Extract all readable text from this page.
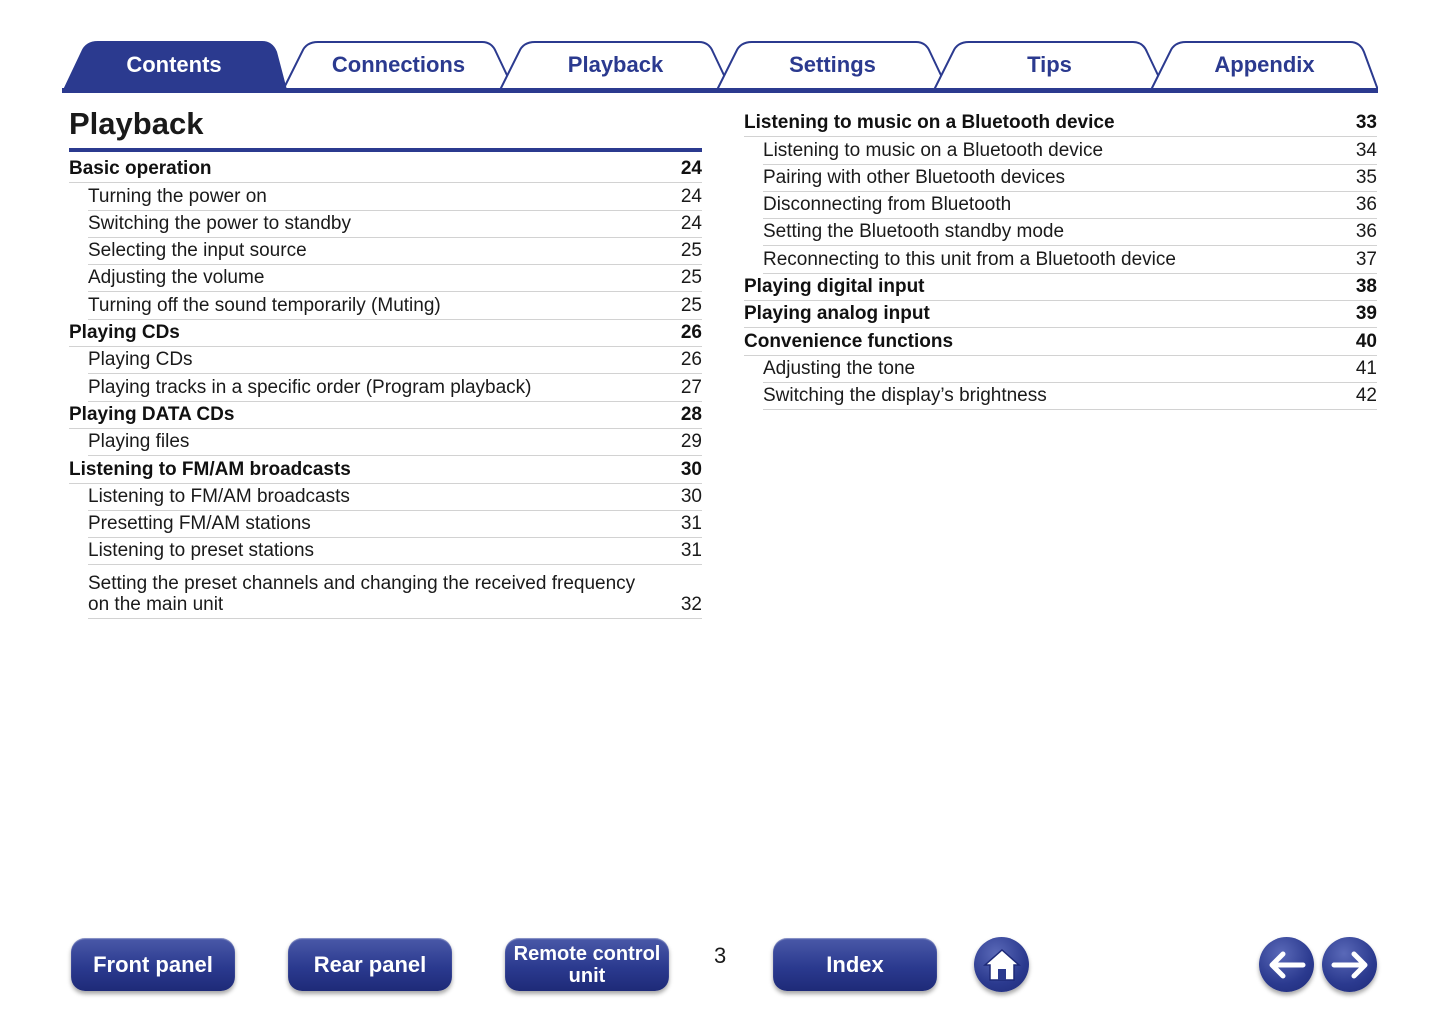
Contents	Connections	Playback	Settings	Tips	Appendix
Playback
Basic operation	24
Turning the power on	24
Switching the power to standby	24
Selecting the input source	25
Adjusting the volume	25
Turning off the sound temporarily (Muting)	25
Playing CDs	26
Playing CDs	26
Playing tracks in a specific order (Program playback)	27
Playing DATA CDs	28
Playing files	29
Listening to FM/AM broadcasts	30
Listening to FM/AM broadcasts	30
Presetting FM/AM stations	31
Listening to preset stations	31
Setting the preset channels and changing the received frequency on the main unit	32
Listening to music on a Bluetooth device	33
Listening to music on a Bluetooth device	34
Pairing with other Bluetooth devices	35
Disconnecting from Bluetooth	36
Setting the Bluetooth standby mode	36
Reconnecting to this unit from a Bluetooth device	37
Playing digital input	38
Playing analog input	39
Convenience functions	40
Adjusting the tone	41
Switching the display’s brightness	42
Front panel	Rear panel	Remote control unit
3	Index
